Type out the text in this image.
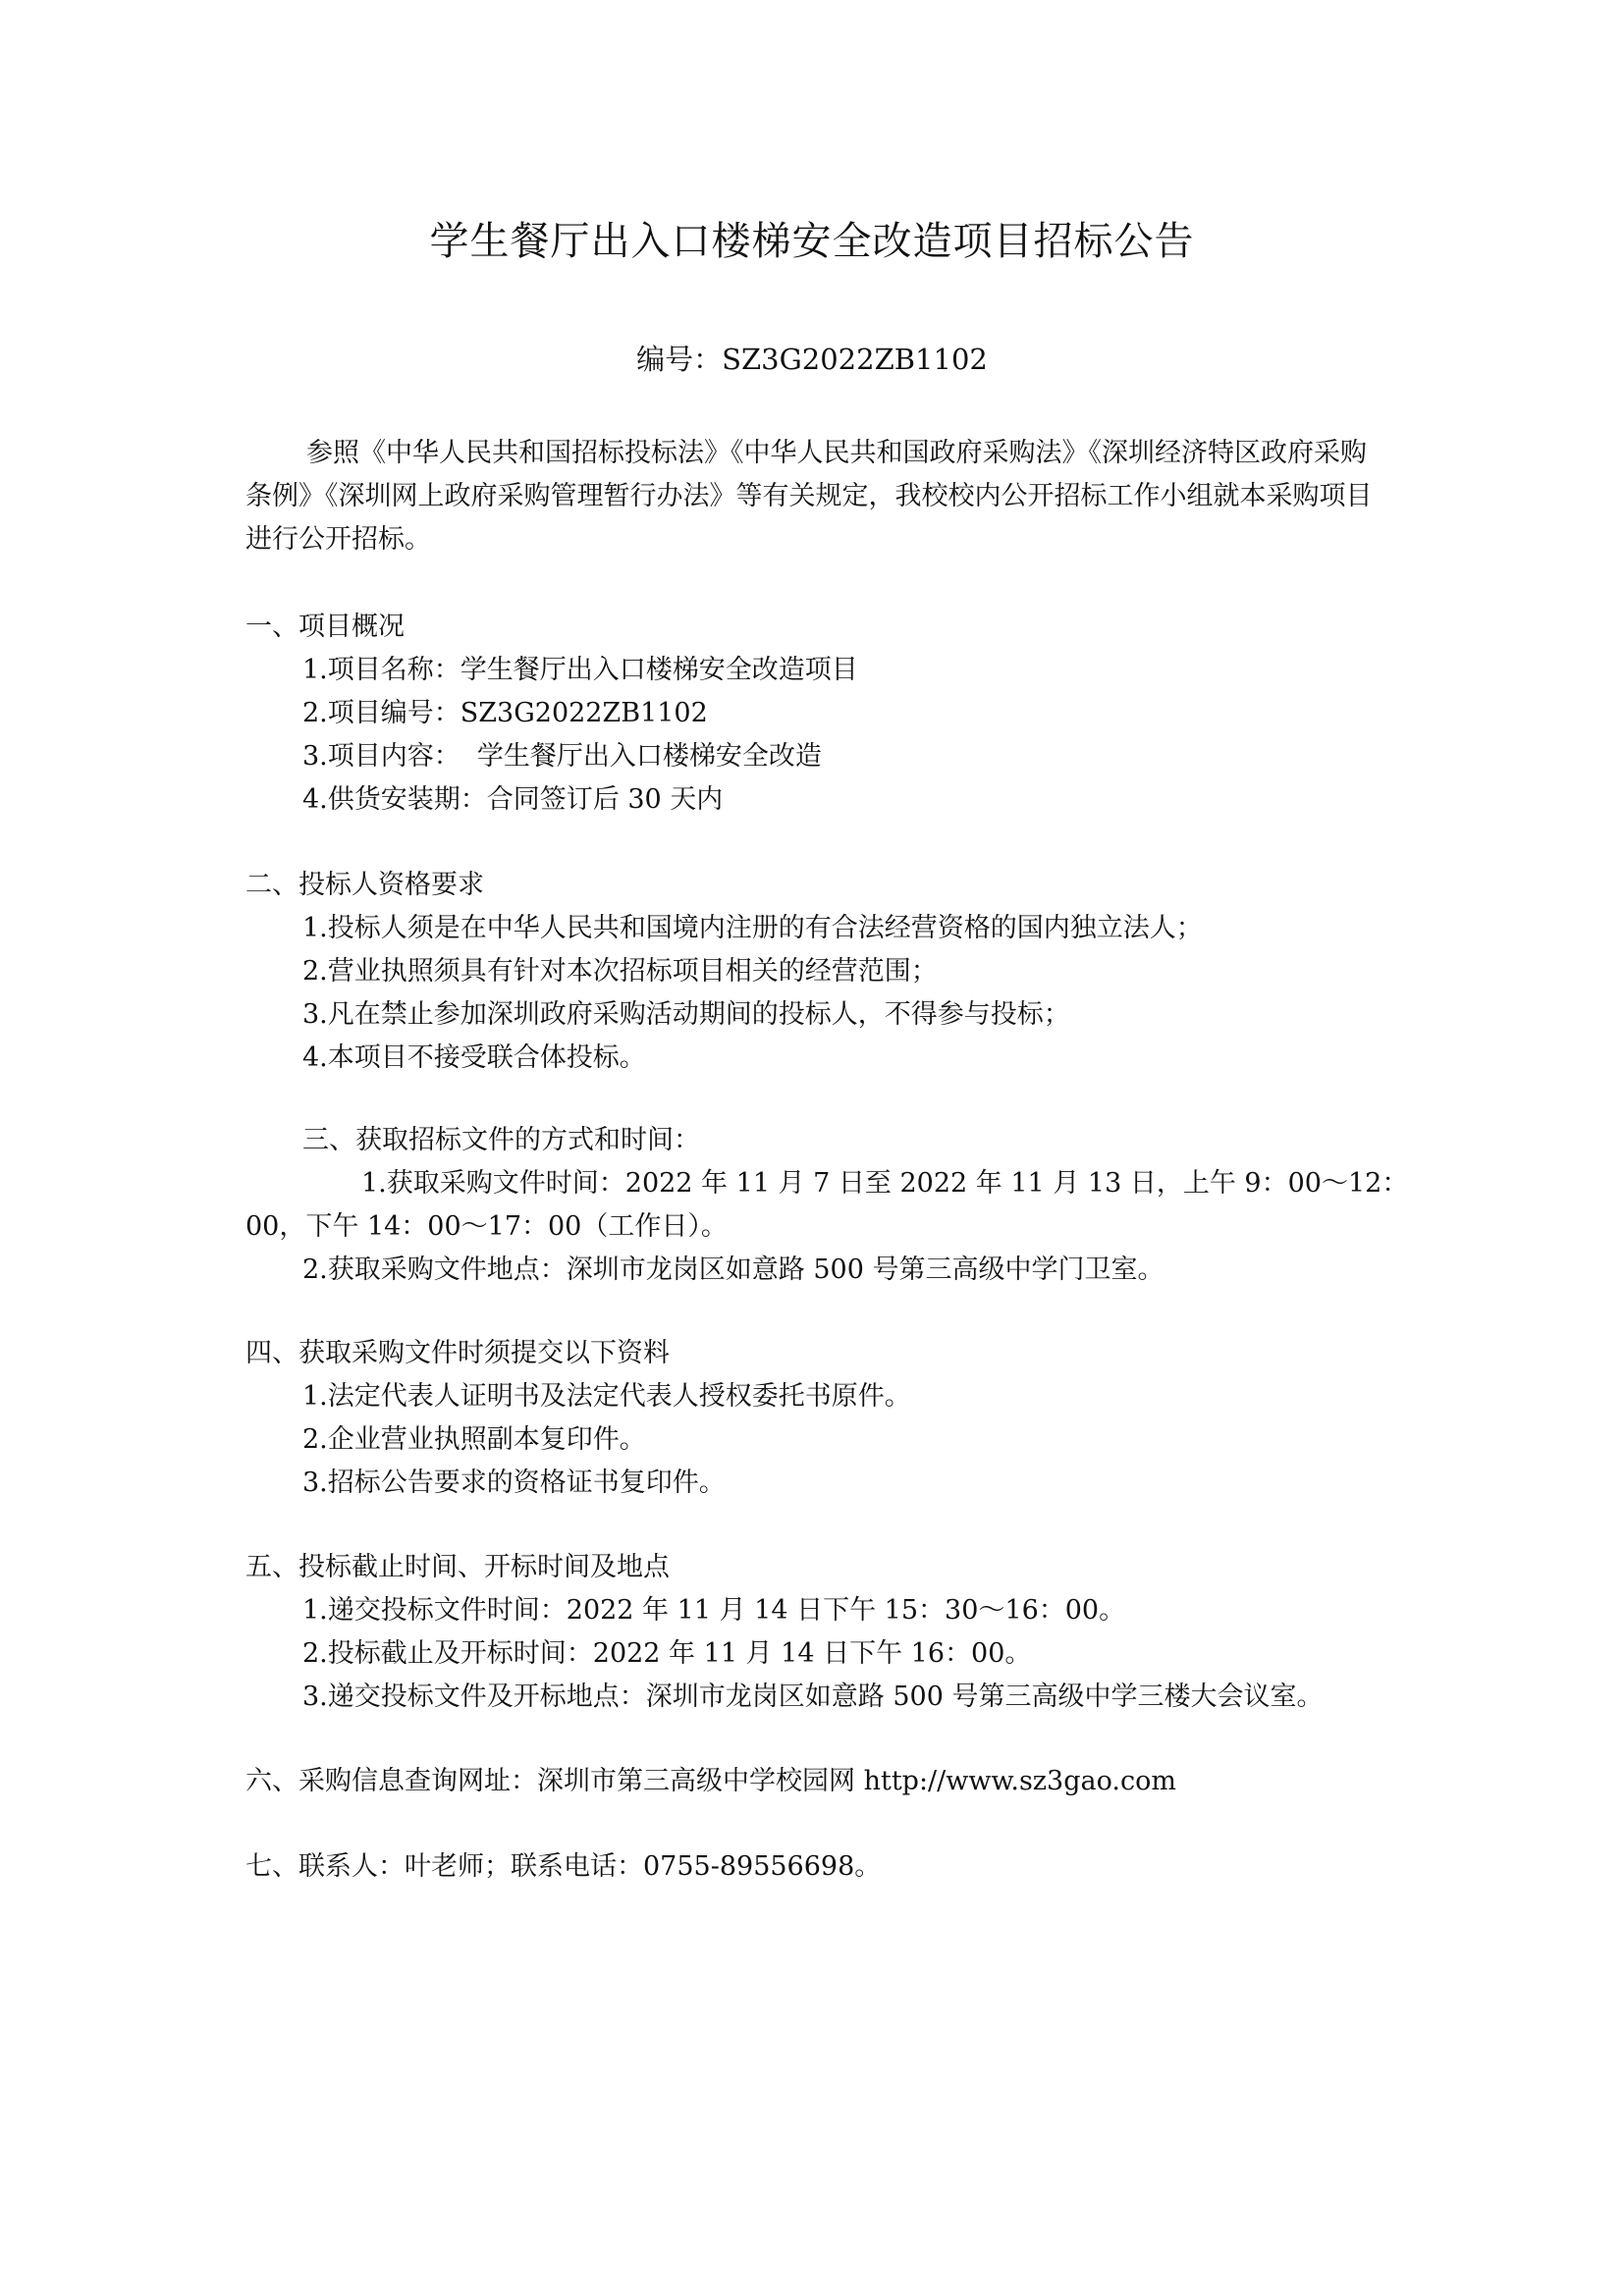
学生餐厅出入口楼梯安全改造项目招标公告
编号：SZ3G2022ZB1102
参照《中华人民共和国招标投标法》《中华人民共和国政府采购法》《深圳经济特区政府采购条例》《深圳网上政府采购管理暂行办法》等有关规定，我校校内公开招标工作小组就本采购项目进行公开招标。
一、项目概况
1.项目名称：学生餐厅出入口楼梯安全改造项目
2.项目编号：SZ3G2022ZB1102
3.项目内容：  学生餐厅出入口楼梯安全改造
4.供货安装期：合同签订后 30 天内
二、投标人资格要求
1.投标人须是在中华人民共和国境内注册的有合法经营资格的国内独立法人；
2.营业执照须具有针对本次招标项目相关的经营范围；
3.凡在禁止参加深圳政府采购活动期间的投标人，不得参与投标；
4.本项目不接受联合体投标。
三、获取招标文件的方式和时间：
1.获取采购文件时间：2022 年 11 月 7 日至 2022 年 11 月 13 日，上午 9：00～12：
00，下午 14：00～17：00（工作日）。
2.获取采购文件地点：深圳市龙岗区如意路 500 号第三高级中学门卫室。
四、获取采购文件时须提交以下资料
1.法定代表人证明书及法定代表人授权委托书原件。
2.企业营业执照副本复印件。
3.招标公告要求的资格证书复印件。
五、投标截止时间、开标时间及地点
1.递交投标文件时间：2022 年 11 月 14 日下午 15：30～16：00。
2.投标截止及开标时间：2022 年 11 月 14 日下午 16：00。
3.递交投标文件及开标地点：深圳市龙岗区如意路 500 号第三高级中学三楼大会议室。
六、采购信息查询网址：深圳市第三高级中学校园网 http://www.sz3gao.com
七、联系人：叶老师；联系电话：0755-89556698。
